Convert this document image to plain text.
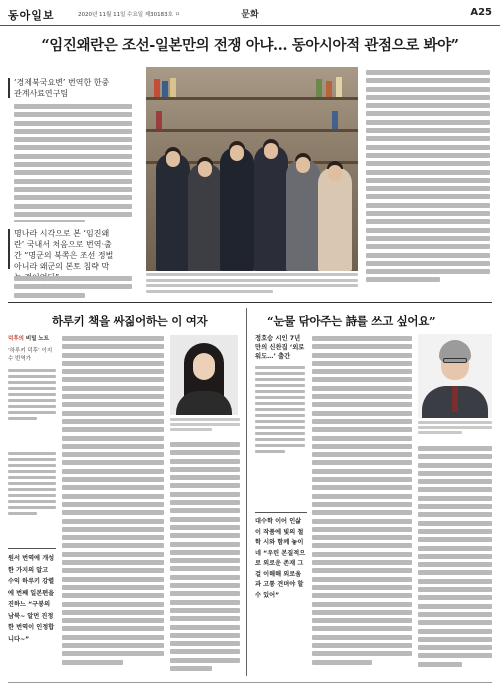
동아일보	2020년 11월 11일 수요일 제30183호 ㅁ	문화	A25
“임진왜란은 조선-일본만의 전쟁 아냐… 동아시아적 관점으로 봐야”
‘경제북국요변’ 번역한 한중관계사료연구팀
명나라 시각으로 본 ‘임진왜란’ 국내서 처음으로 번역·출간 “명군의 북쪽은 조선 정벌 아니라 왜군의 본토 침략 막
하루키 책을 싸짊어하는 이 여자	“눈물 닦아주는 詩를 쓰고 싶어요”
덕후의 비밀 노트
‘하루키 덕후’ 이지수 번역가
원서 번역에 개성한 가지의 알고 수익 하루키 강렬에 번째 일본편을 진하느 “구봉의 남북~ 알먼 진정한 번역이 인정합니다~”
정호승 시인 7년 만의 신찬집 ‘외로워도…’ 출간
대수학 이어 인삶이 작품에 빛의 철학 시와 함께 놓이네 “우린 본질적으로 외로운 존재 그걸 이해해 외로움과 고통 견뎌야 할 수 있어”
